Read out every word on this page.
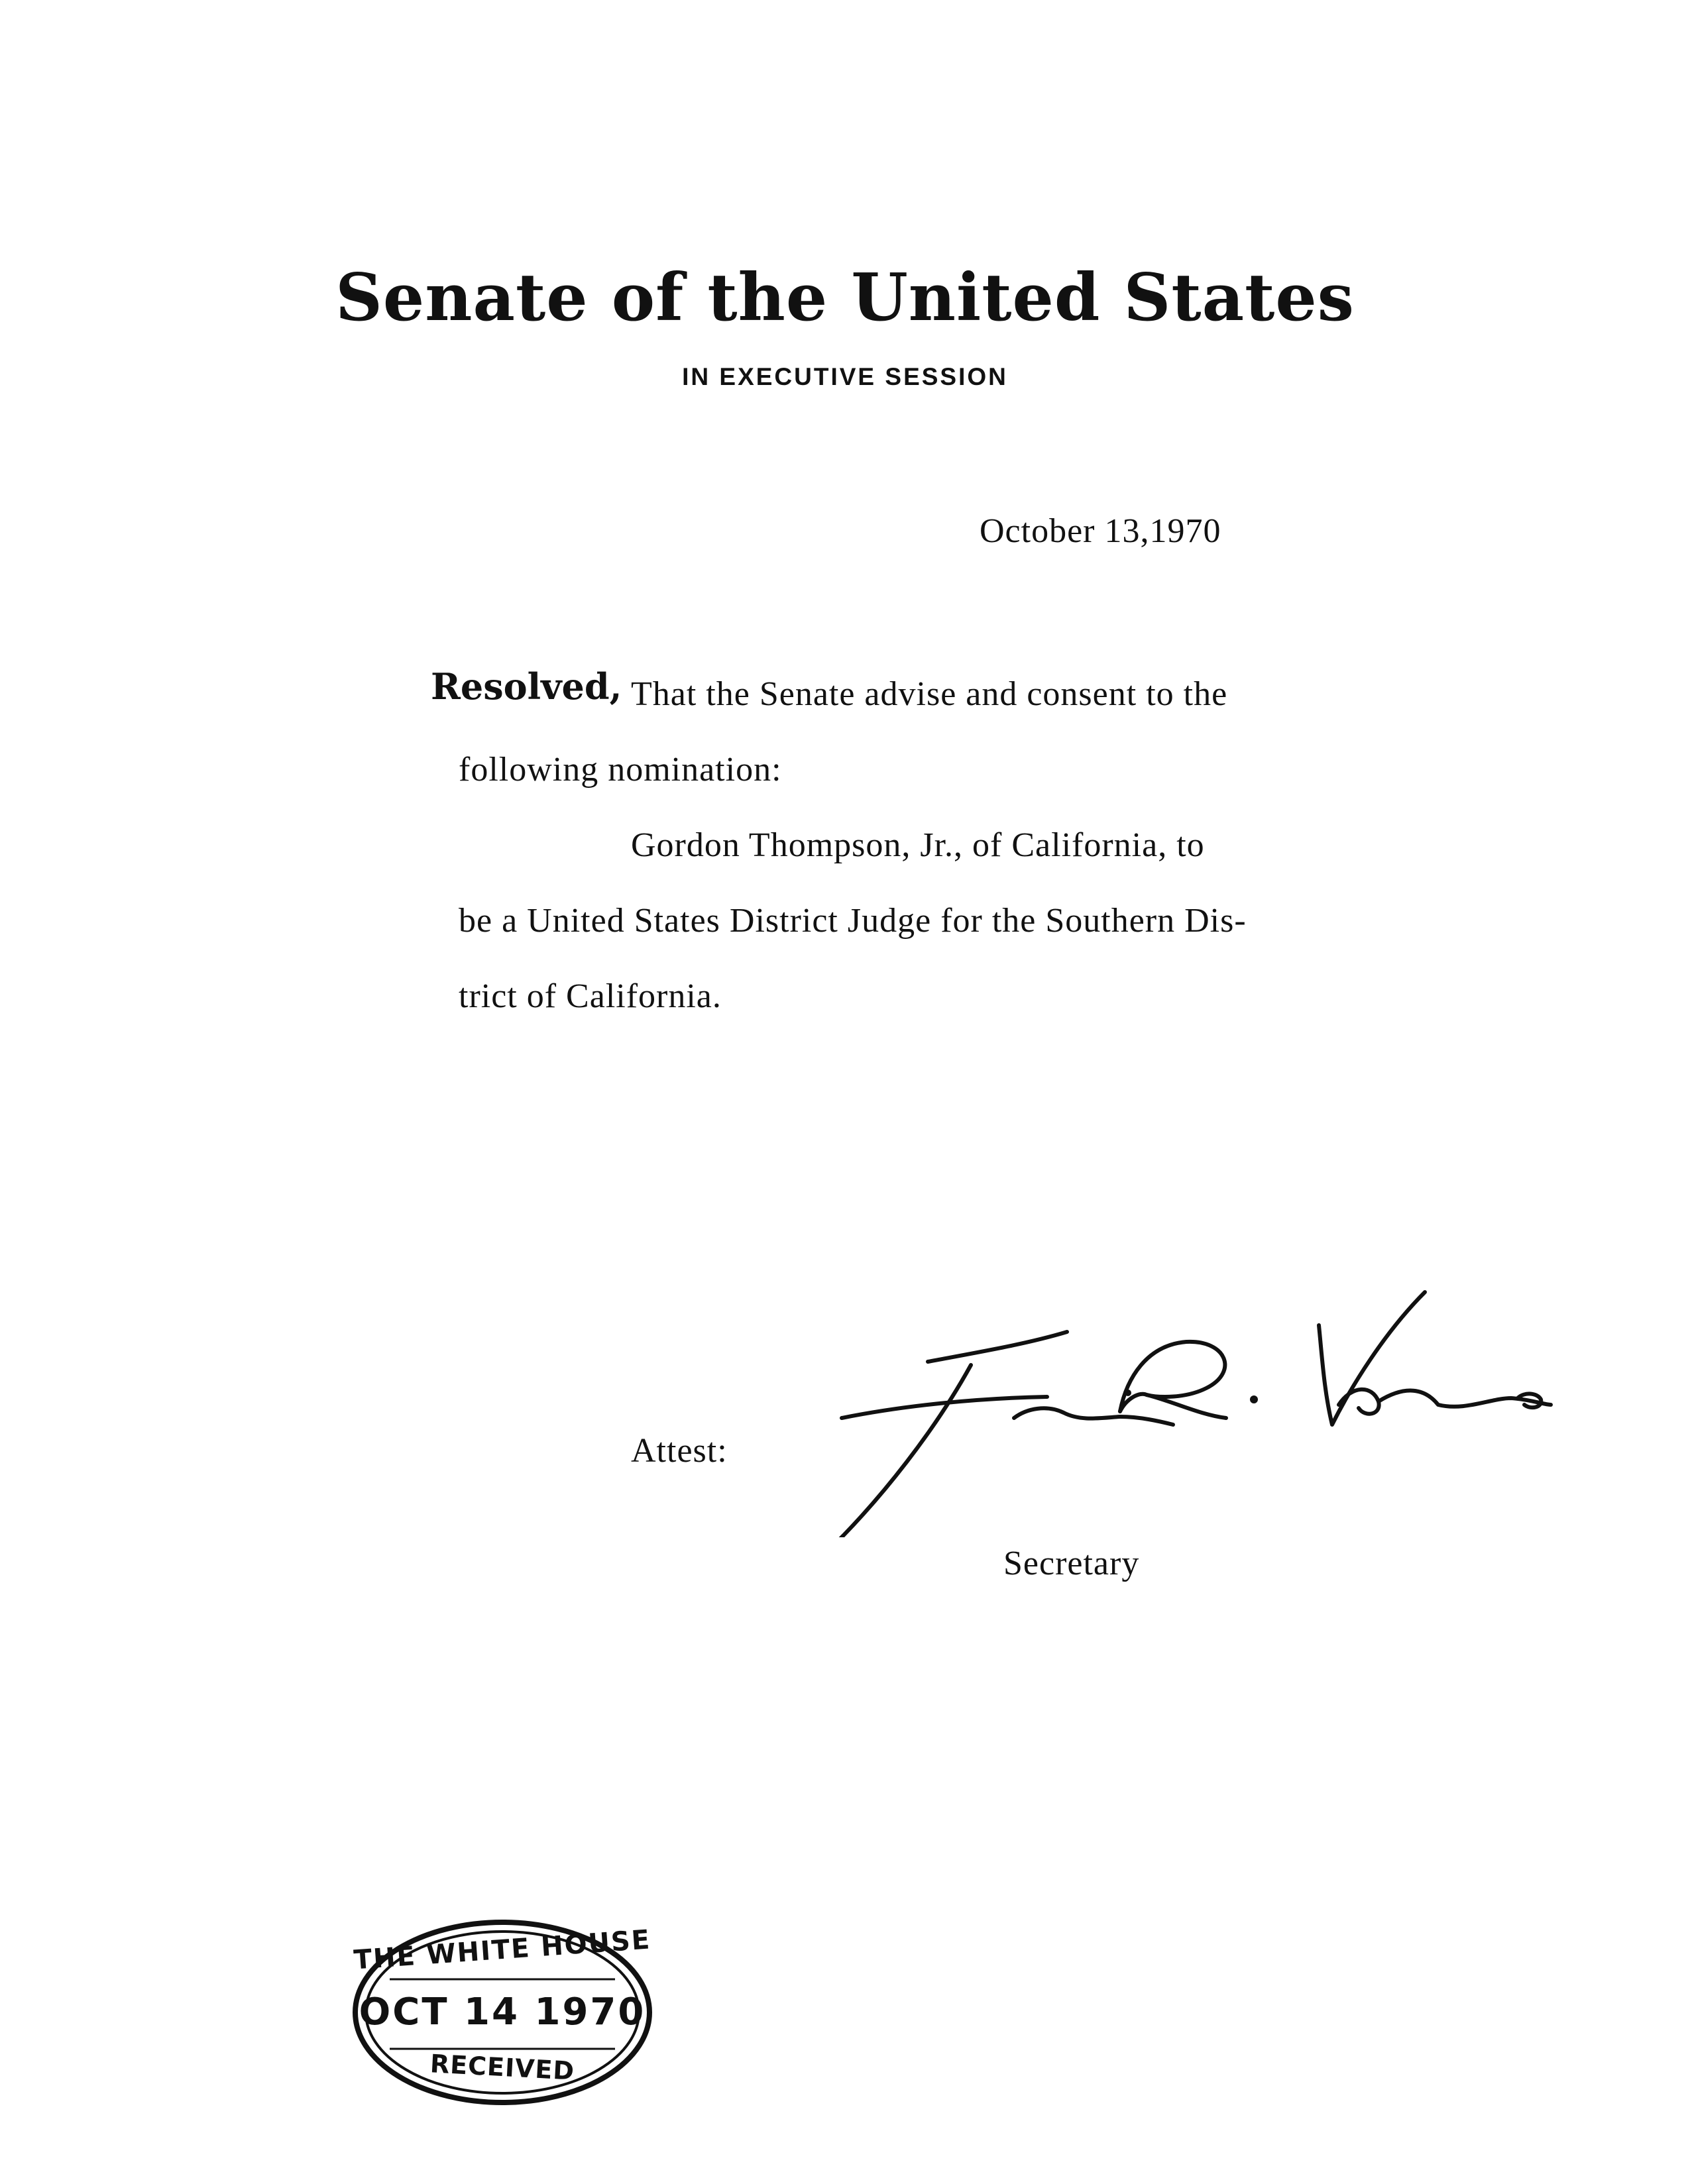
Senate of the United States
IN EXECUTIVE SESSION
October 13,1970
Resolved, That the Senate advise and consent to the
following nomination:
Gordon Thompson, Jr., of California, to
be a United States District Judge for the Southern Dis-
trict of California.
Attest:
Secretary
THE WHITE HOUSE
OCT 14 1970
RECEIVED
